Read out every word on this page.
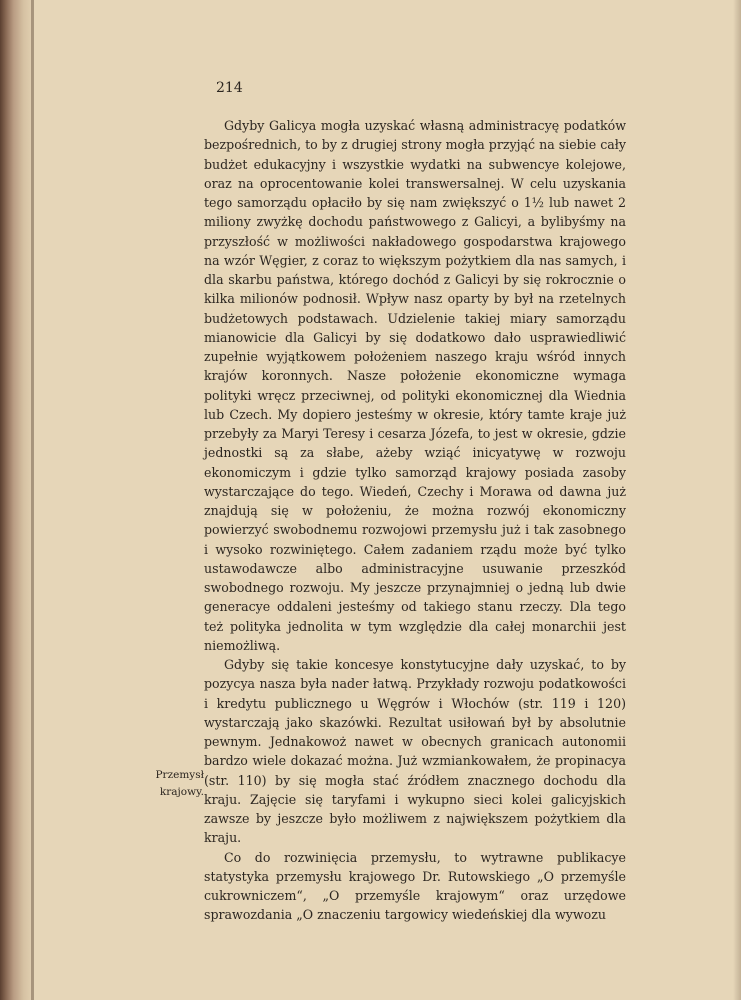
214

Gdyby Galicya mogła uzyskać własną administracyę podatków bezpośrednich, to by z drugiej strony mogła przyjąć na siebie cały budżet edukacyjny i wszystkie wydatki na subwencye kolejowe, oraz na oprocentowanie kolei transwersalnej. W celu uzyskania tego samorządu opłaciło by się nam zwiększyć o 1½ lub nawet 2 miliony zwyżkę dochodu państwowego z Galicyi, a bylibyśmy na przyszłość w możliwości nakładowego gospodarstwa krajowego na wzór Węgier, z coraz to większym pożytkiem dla nas samych, i dla skarbu państwa, którego dochód z Galicyi by się rokrocznie o kilka milionów podnosił. Wpływ nasz oparty by był na rzetelnych budżetowych podstawach. Udzielenie takiej miary samorządu mianowicie dla Galicyi by się dodatkowo dało usprawiedliwić zupełnie wyjątkowem położeniem naszego kraju wśród innych krajów koronnych. Nasze położenie ekonomiczne wymaga polityki wręcz przeciwnej, od polityki ekonomicznej dla Wiednia lub Czech. My dopiero jesteśmy w okresie, który tamte kraje już przebyły za Maryi Teresy i cesarza Józefa, to jest w okresie, gdzie jednostki są za słabe, ażeby wziąć inicyatywę w rozwoju ekonomiczym i gdzie tylko samorząd krajowy posiada zasoby wystarczające do tego. Wiedeń, Czechy i Morawa od dawna już znajdują się w położeniu, że można rozwój ekonomiczny powierzyć swobodnemu rozwojowi przemysłu już i tak zasobnego i wysoko rozwiniętego. Całem zadaniem rządu może być tylko ustawodawcze albo administracyjne usuwanie przeszkód swobodnego rozwoju. My jeszcze przynajmniej o jedną lub dwie generacye oddaleni jesteśmy od takiego stanu rzeczy. Dla tego też polityka jednolita w tym względzie dla całej monarchii jest niemożliwą.

Gdyby się takie koncesye konstytucyjne dały uzyskać, to by pozycya nasza była nader łatwą. Przykłady rozwoju podatkowości i kredytu publicznego u Węgrów i Włochów (str. 119 i 120) wystarczają jako skazówki. Rezultat usiłowań był by absolutnie pewnym. Jednakowoż nawet w obecnych granicach autonomii bardzo wiele dokazać można. Już wzmiankowałem, że propinacya (str. 110) by się mogła stać źródłem znacznego dochodu dla kraju. Zajęcie się taryfami i wykupno sieci kolei galicyjskich zawsze by jeszcze było możliwem z największem pożytkiem dla kraju.

Co do rozwinięcia przemysłu, to wytrawne publikacye statystyka przemysłu krajowego Dr. Rutowskiego „O przemyśle cukrowniczem“, „O przemyśle krajowym“ oraz urzędowe sprawozdania „O znaczeniu targowicy wiedeńskiej dla wywozu

Przemysł krajowy.
